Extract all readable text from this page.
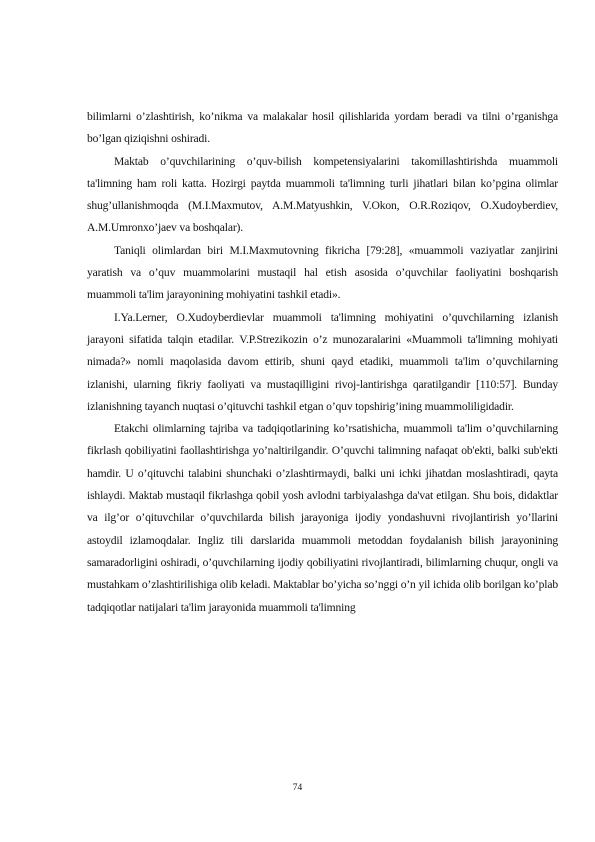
bilimlarni o’zlashtirish, ko’nikma va malakalar hosil qilishlarida yordam beradi va tilni o’rganishga bo’lgan qiziqishni oshiradi.

Maktab o’quvchilarining o’quv-bilish kompetensiyalarini takomillashtirishda muammoli ta'limning ham roli katta. Hozirgi paytda muammoli ta'limning turli jihatlari bilan ko’pgina olimlar shug’ullanishmoqda (M.I.Maxmutov, A.M.Matyushkin, V.Okon, O.R.Roziqov, O.Xudoyberdiev, A.M.Umronxo’jaev va boshqalar).

Taniqli olimlardan biri M.I.Maxmutovning fikricha [79:28], «muammoli vaziyatlar zanjirini yaratish va o’quv muammolarini mustaqil hal etish asosida o’quvchilar faoliyatini boshqarish muammoli ta'lim jarayonining mohiyatini tashkil etadi».

I.Ya.Lerner, O.Xudoyberdievlar muammoli ta'limning mohiyatini o’quvchilarning izlanish jarayoni sifatida talqin etadilar. V.P.Strezikozin o’z munozaralarini «Muammoli ta'limning mohiyati nimada?» nomli maqolasida davom ettirib, shuni qayd etadiki, muammoli ta'lim o’quvchilarning izlanishi, ularning fikriy faoliyati va mustaqilligini rivoj-lantirishga qaratilgandir [110:57]. Bunday izlanishning tayanch nuqtasi o’qituvchi tashkil etgan o’quv topshirig’ining muammoliligidadir.

Etakchi olimlarning tajriba va tadqiqotlarining ko’rsatishicha, muammoli ta'lim o’quvchilarning fikrlash qobiliyatini faollashtirishga yo’naltirilgandir. O’quvchi talimning nafaqat ob'ekti, balki sub'ekti hamdir. U o’qituvchi talabini shunchaki o’zlashtirmaydi, balki uni ichki jihatdan moslashtiradi, qayta ishlaydi. Maktab mustaqil fikrlashga qobil yosh avlodni tarbiyalashga da'vat etilgan. Shu bois, didaktlar va ilg’or o’qituvchilar o’quvchilarda bilish jarayoniga ijodiy yondashuvni rivojlantirish yo’llarini astoydil izlamoqdalar. Ingliz tili darslarida muammoli metoddan foydalanish bilish jarayonining samaradorligini oshiradi, o’quvchilarning ijodiy qobiliyatini rivojlantiradi, bilimlarning chuqur, ongli va mustahkam o’zlashtirilishiga olib keladi. Maktablar bo’yicha so’nggi o’n yil ichida olib borilgan ko’plab tadqiqotlar natijalari ta'lim jarayonida muammoli ta'limning

74
